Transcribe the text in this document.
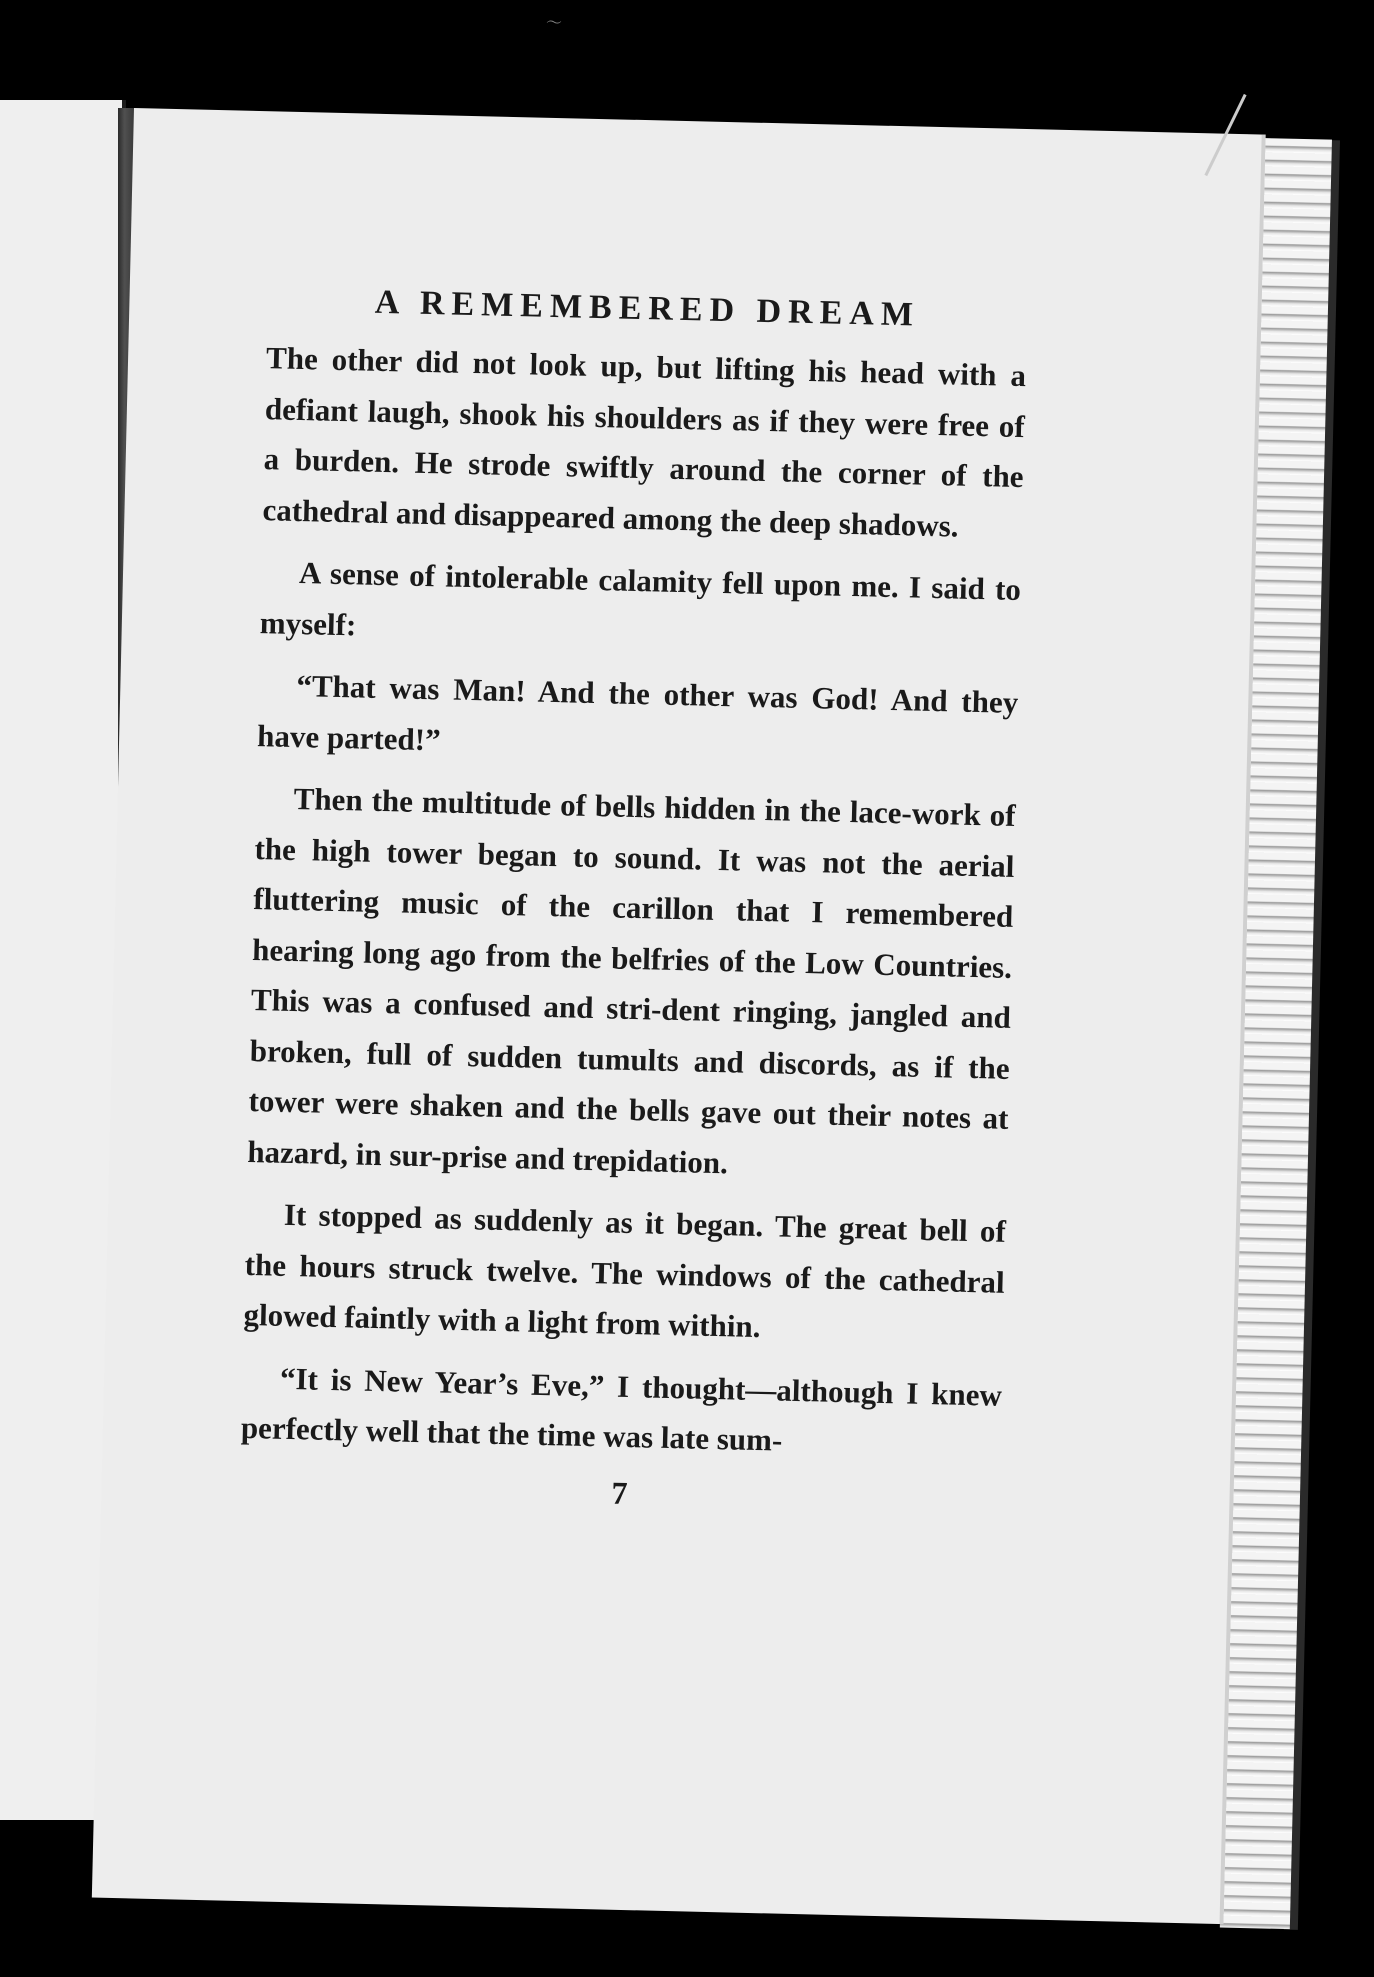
〜
A REMEMBERED DREAM

The other did not look up, but lifting his head with a defiant laugh, shook his shoulders as if they were free of a burden. He strode swiftly around the corner of the cathedral and disappeared among the deep shadows.

A sense of intolerable calamity fell upon me. I said to myself:

“That was Man! And the other was God! And they have parted!”

Then the multitude of bells hidden in the lace-work of the high tower began to sound. It was not the aerial fluttering music of the carillon that I remembered hearing long ago from the belfries of the Low Countries. This was a confused and stri-dent ringing, jangled and broken, full of sudden tumults and discords, as if the tower were shaken and the bells gave out their notes at hazard, in sur-prise and trepidation.

It stopped as suddenly as it began. The great bell of the hours struck twelve. The windows of the cathedral glowed faintly with a light from within.

“It is New Year’s Eve,” I thought—although I knew perfectly well that the time was late sum-

7
